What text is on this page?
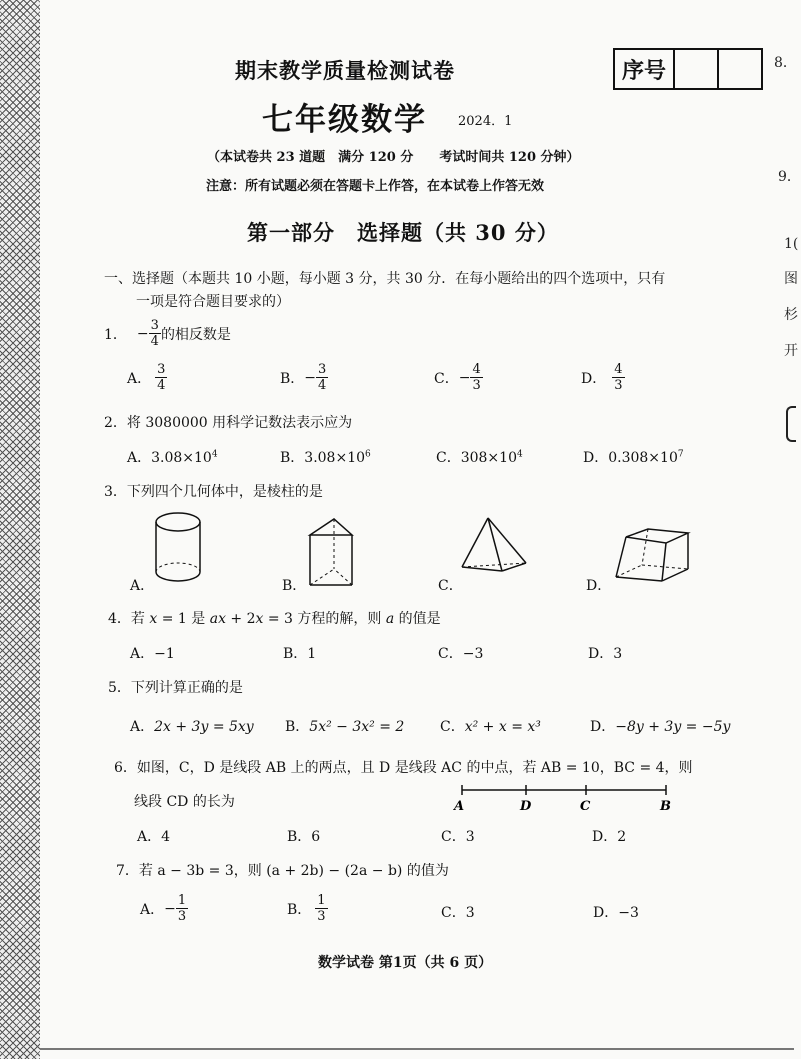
期末教学质量检测试卷
七年级数学 2024．1
序号
（本试卷共 23 道题　满分 120 分　　考试时间共 120 分钟）
注意：所有试题必须在答题卡上作答，在本试卷上作答无效
第一部分　选择题（共 30 分）
一、选择题（本题共 10 小题，每小题 3 分，共 30 分．在每小题给出的四个选项中，只有
一项是符合题目要求的）
1． − $\frac{3}{4}$ 的相反数是
A． $\frac{3}{4}$	B． − $\frac{3}{4}$	C． − $\frac{4}{3}$	D． $\frac{4}{3}$
2．将 3080000 用科学记数法表示应为
A．$3.08\times 10^4$	B．$3.08\times 10^6$	C．$308\times 10^4$	D．$0.308\times 10^7$
3．下列四个几何体中，是棱柱的是
A．	B．	C．	D．
4．若 x = 1 是 ax + 2x = 3 方程的解，则 a 的值是
A．−1	B．1	C．−3	D．3
5．下列计算正确的是
A．2x + 3y = 5xy B．5x² − 3x² = 2	C．x² + x = x³	D．−8y + 3y = −5y
6．如图，C，D 是线段 AB 上的两点，且 D 是线段 AC 的中点，若 AB = 10，BC = 4，则
线段 CD 的长为	A	D	C	B
A．4	B．6	C．3	D．2
7．若 a − 3b = 3，则 (a + 2b) − (2a − b) 的值为
A． − $\frac{1}{3}$	B． $\frac{1}{3}$	C．3	D．−3
数学试卷 第1页（共 6 页）
8．
9．
1(
图
杉
开
